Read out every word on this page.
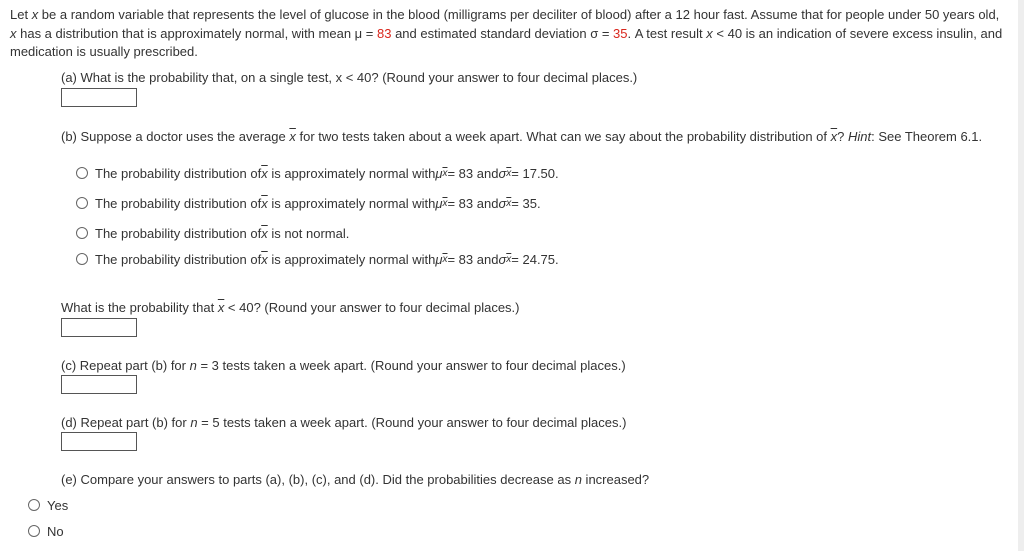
Let x be a random variable that represents the level of glucose in the blood (milligrams per deciliter of blood) after a 12 hour fast. Assume that for people under 50 years old, x has a distribution that is approximately normal, with mean μ = 83 and estimated standard deviation σ = 35. A test result x < 40 is an indication of severe excess insulin, and medication is usually prescribed.
(a) What is the probability that, on a single test, x < 40? (Round your answer to four decimal places.)
(b) Suppose a doctor uses the average $\overline{x}$ for two tests taken about a week apart. What can we say about the probability distribution of $\overline{x}$? Hint: See Theorem 6.1.
The probability distribution of $\overline{x}$
is approximately normal with μ $\overline{x} = 83$ and σ $\overline{x} = 17.50$.
The probability distribution of $\overline{x}$
is approximately normal with μ $\overline{x} = 83$ and σ $\overline{x} = 35$.
The probability distribution of $\overline{x}$
is not normal.
The probability distribution of $\overline{x}$
is approximately normal with μ $\overline{x} = 83$ and σ $\overline{x} = 24.75$.
What is the probability that $\overline{x} < 40$? (Round your answer to four decimal places.)
(c) Repeat part (b) for n = 3 tests taken a week apart. (Round your answer to four decimal places.)
(d) Repeat part (b) for n = 5 tests taken a week apart. (Round your answer to four decimal places.)
(e) Compare your answers to parts (a), (b), (c), and (d). Did the probabilities decrease as n increased?
Yes
No
